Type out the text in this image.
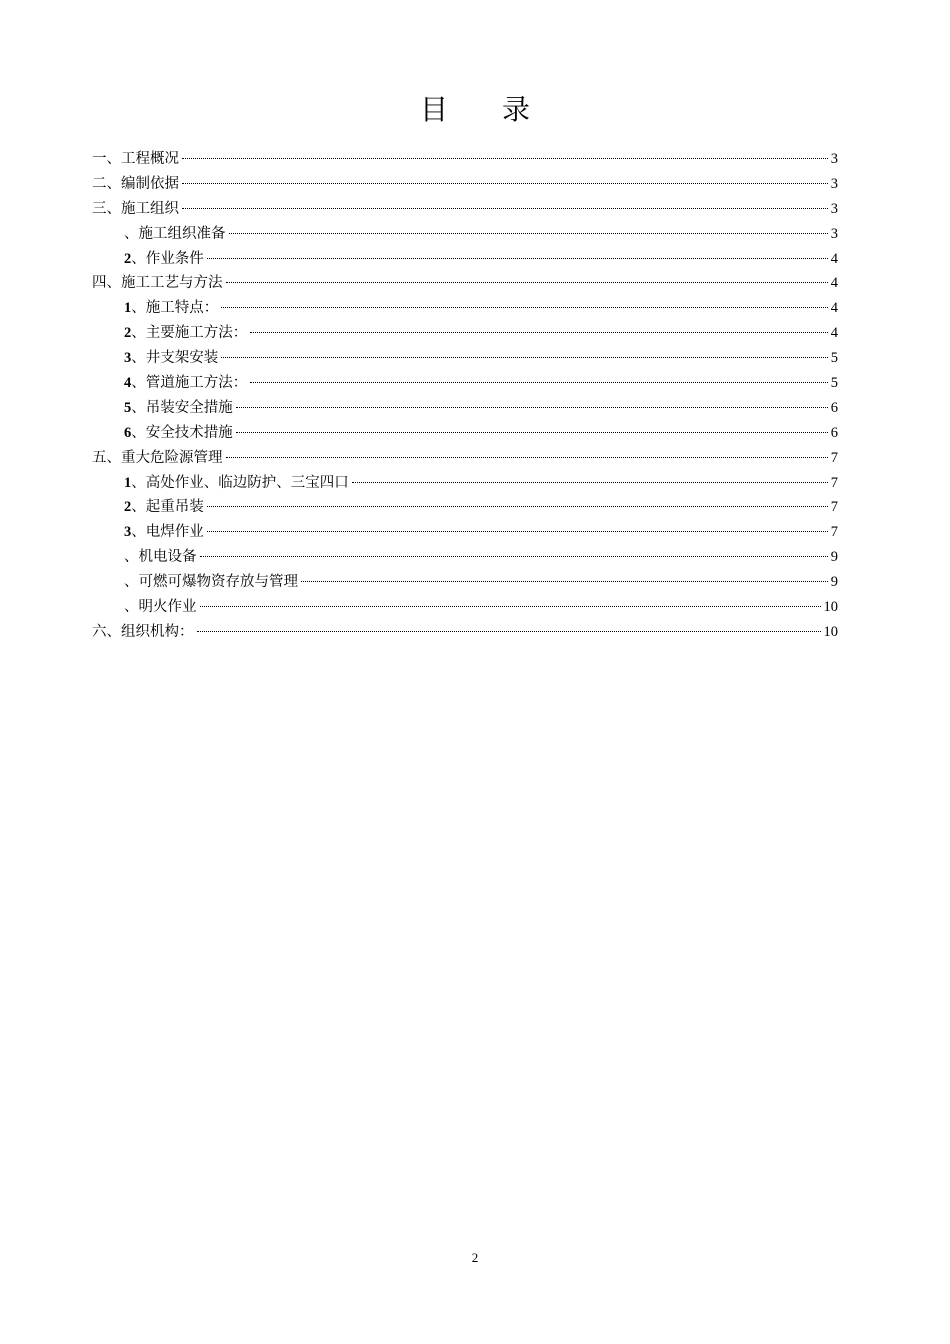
目录
一、工程概况	3
二、编制依据	3
三、施工组织	3
、施工组织准备	3
2、作业条件	4
四、施工工艺与方法	4
1、施工特点：	4
2、主要施工方法：	4
3、井支架安装	5
4、管道施工方法：	5
5、吊装安全措施	6
6、安全技术措施	6
五、重大危险源管理	7
1、高处作业、临边防护、三宝四口	7
2、起重吊装	7
3、电焊作业	7
、机电设备	9
、可燃可爆物资存放与管理	9
、明火作业	10
六、组织机构：	10
2
